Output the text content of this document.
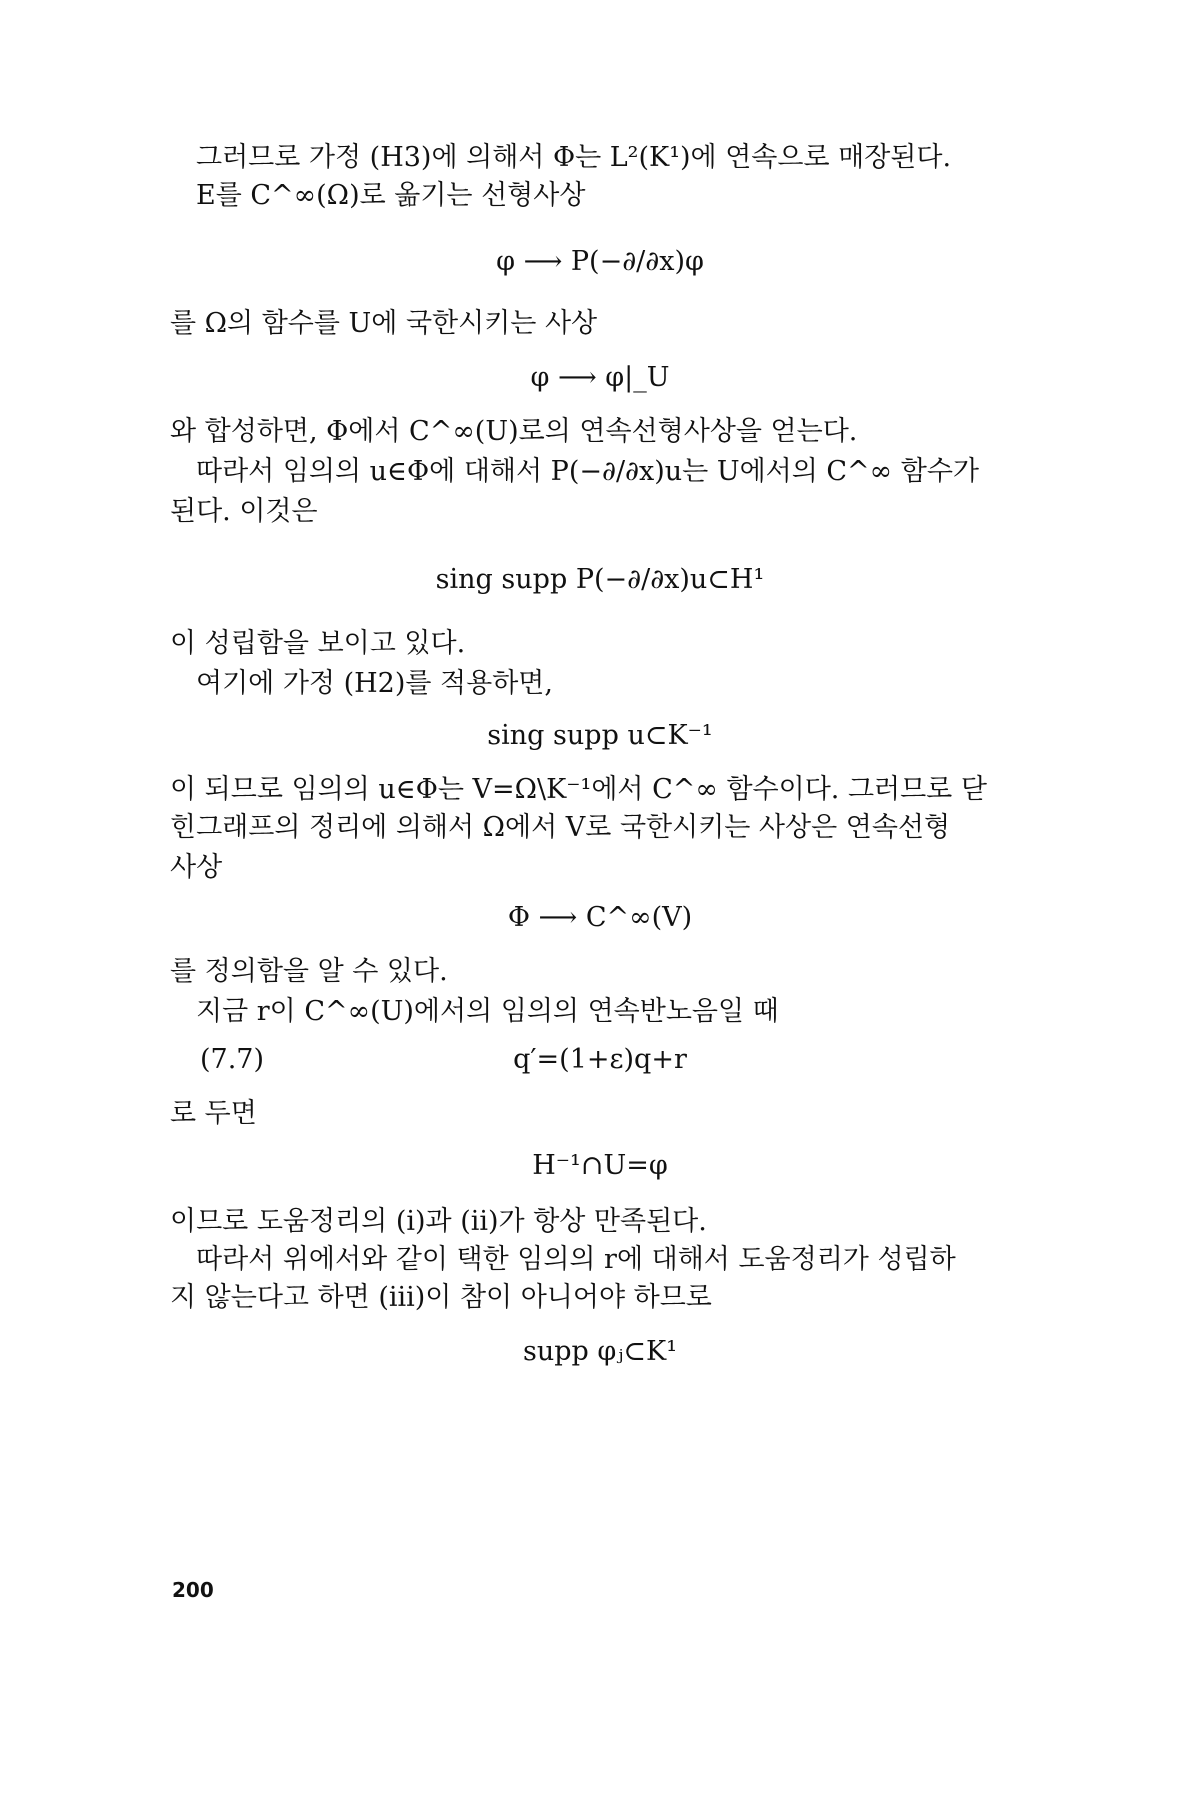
그러므로 가정 (H3)에 의해서 Φ는 L²(K¹)에 연속으로 매장된다.
E를 C^∞(Ω)로 옮기는 선형사상
φ ⟶ P(−∂/∂x)φ
를 Ω의 함수를 U에 국한시키는 사상
φ ⟶ φ|_U
와 합성하면, Φ에서 C^∞(U)로의 연속선형사상을 얻는다.
따라서 임의의 u∈Φ에 대해서 P(−∂/∂x)u는 U에서의 C^∞ 함수가
된다. 이것은
sing supp P(−∂/∂x)u⊂H¹
이 성립함을 보이고 있다.
여기에 가정 (H2)를 적용하면,
sing supp u⊂K⁻¹
이 되므로 임의의 u∈Φ는 V=Ω\K⁻¹에서 C^∞ 함수이다. 그러므로 닫
힌그래프의 정리에 의해서 Ω에서 V로 국한시키는 사상은 연속선형
사상
Φ ⟶ C^∞(V)
를 정의함을 알 수 있다.
지금 r이 C^∞(U)에서의 임의의 연속반노음일 때
(7.7)	q′=(1+ε)q+r
로 두면
H⁻¹∩U=φ
이므로 도움정리의 (i)과 (ii)가 항상 만족된다.
따라서 위에서와 같이 택한 임의의 r에 대해서 도움정리가 성립하
지 않는다고 하면 (iii)이 참이 아니어야 하므로
supp φⱼ⊂K¹
200
